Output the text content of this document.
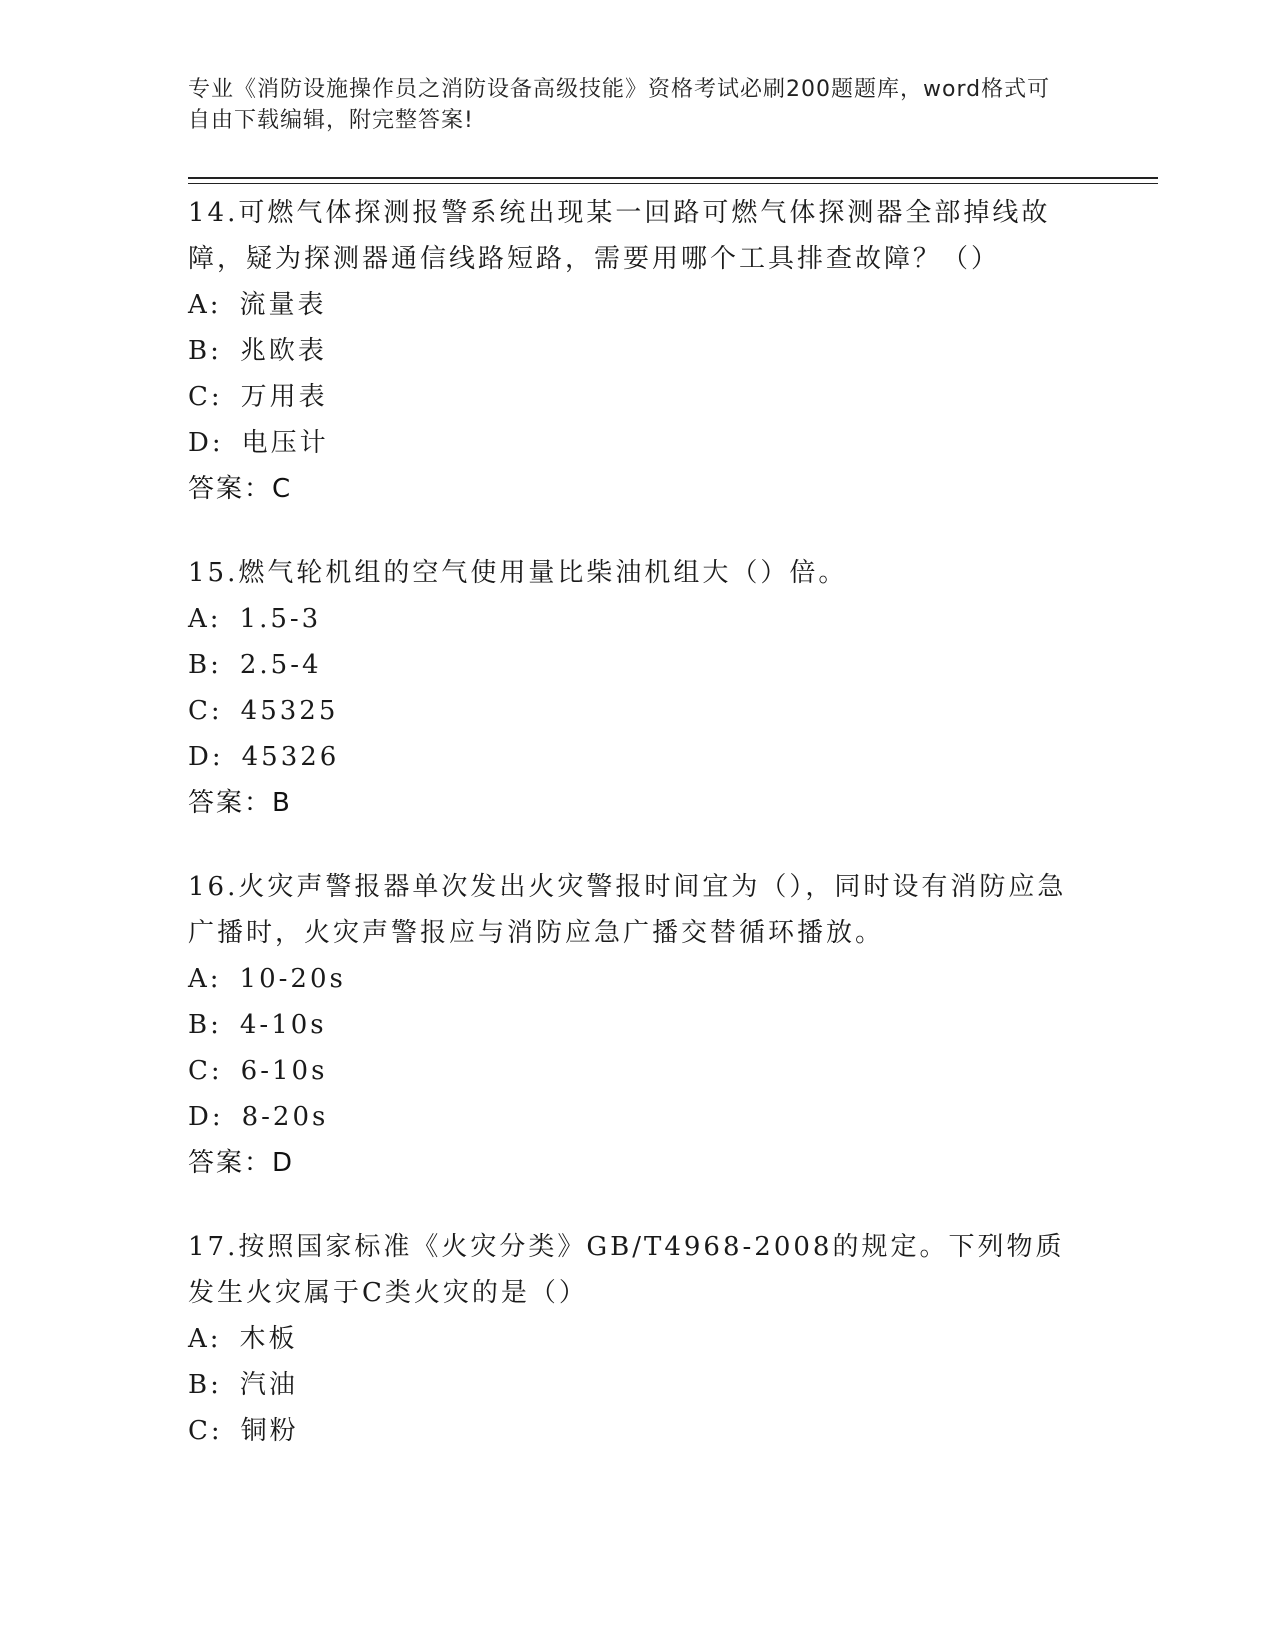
专业《消防设施操作员之消防设备高级技能》资格考试必刷200题题库，word格式可自由下载编辑，附完整答案!

14.可燃气体探测报警系统出现某一回路可燃气体探测器全部掉线故障，疑为探测器通信线路短路，需要用哪个工具排查故障？（）

A: 流量表

B: 兆欧表

C: 万用表

D: 电压计

答案：C

15.燃气轮机组的空气使用量比柴油机组大（）倍。

A: 1.5-3

B: 2.5-4

C: 45325

D: 45326

答案：B

16.火灾声警报器单次发出火灾警报时间宜为（），同时设有消防应急广播时，火灾声警报应与消防应急广播交替循环播放。

A: 10-20s

B: 4-10s

C: 6-10s

D: 8-20s

答案：D

17.按照国家标准《火灾分类》GB/T4968-2008的规定。下列物质发生火灾属于C类火灾的是（）

A: 木板

B: 汽油

C: 铜粉
